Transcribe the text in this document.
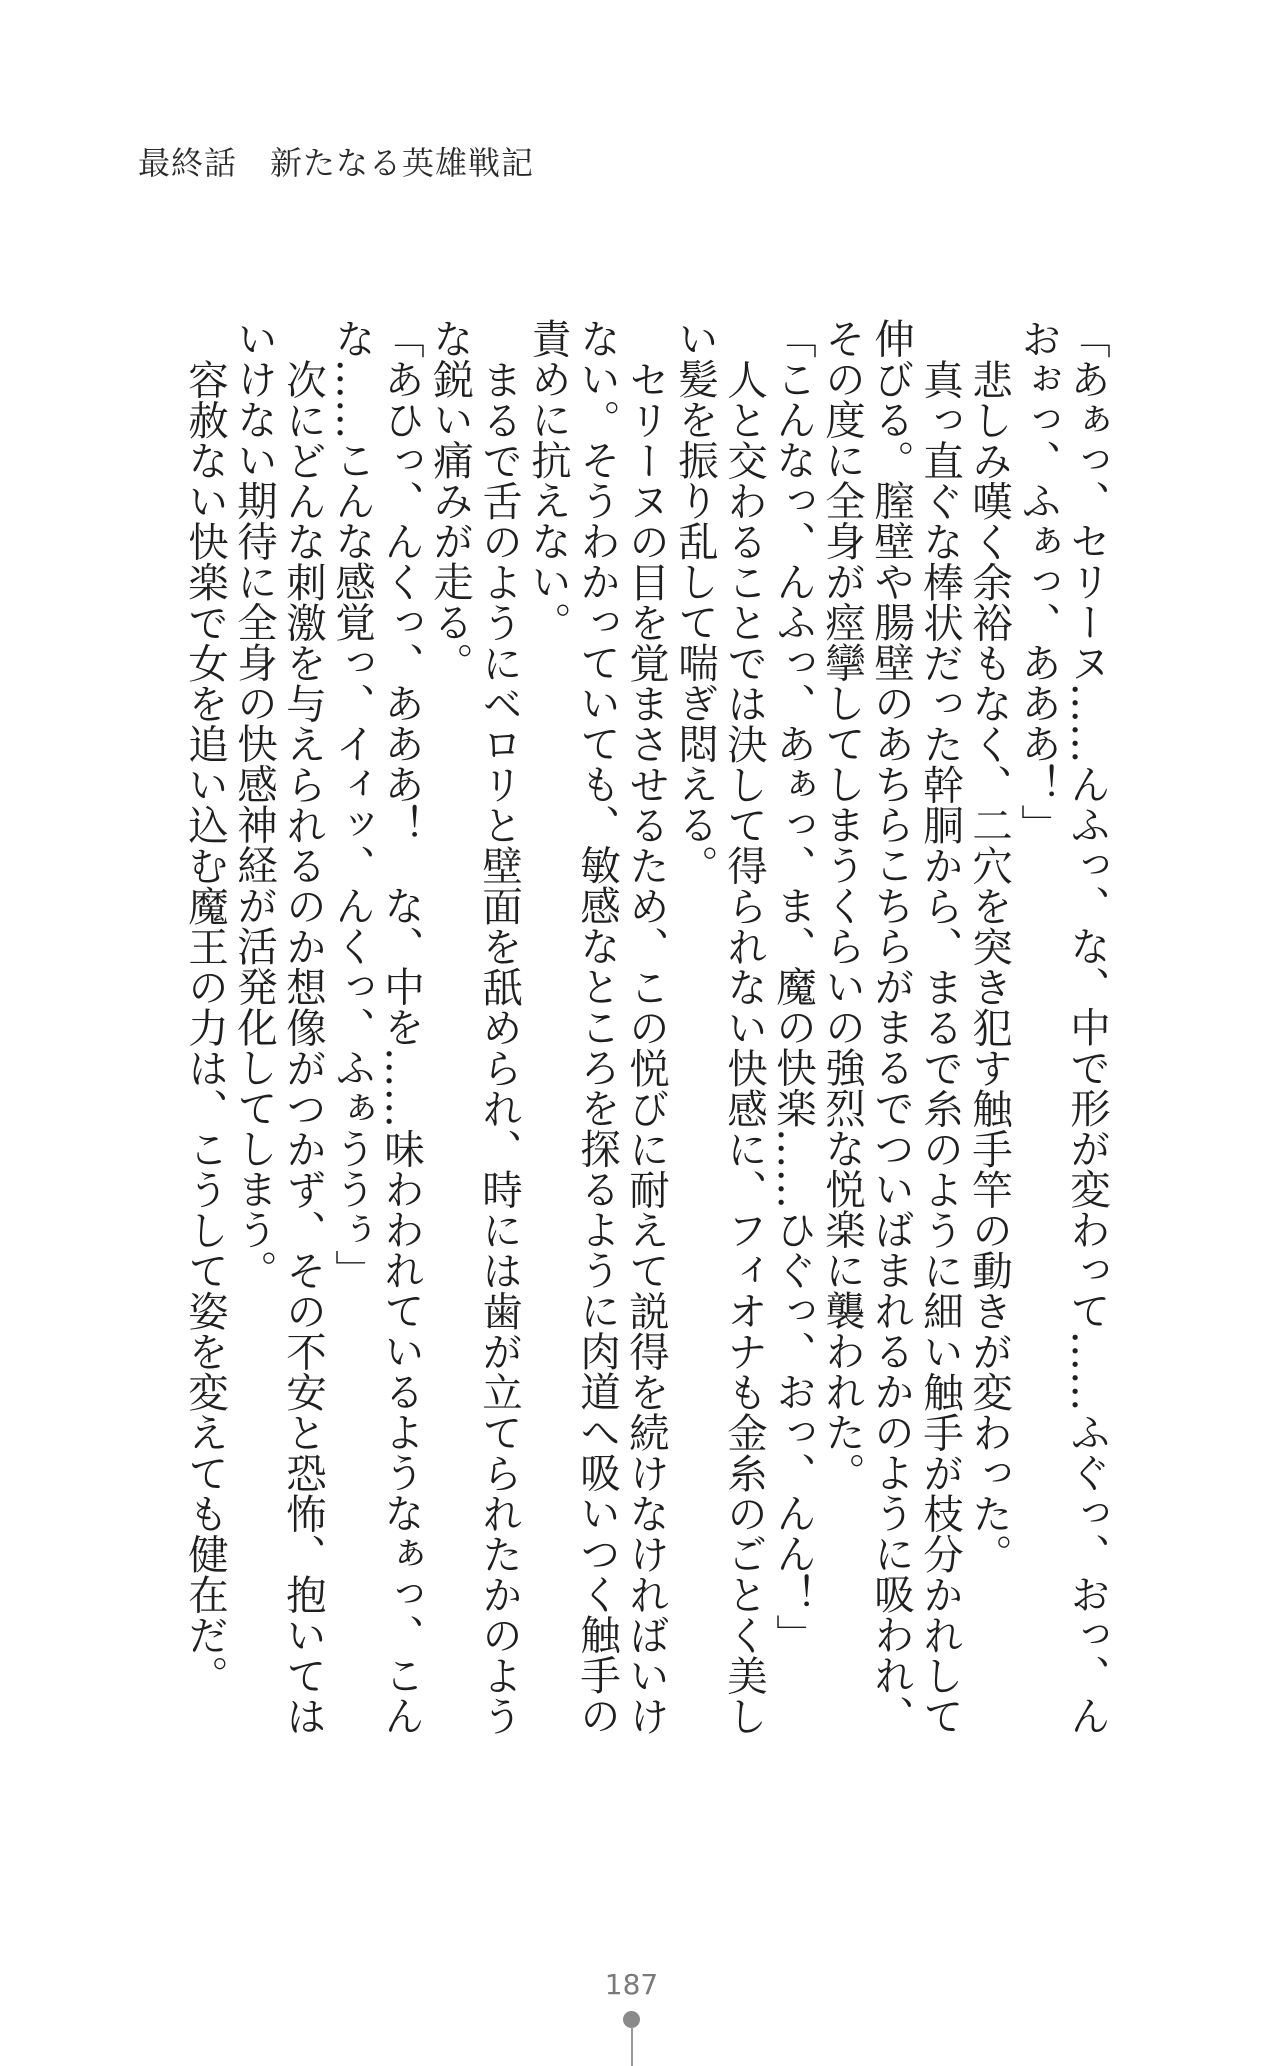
最終話　新たなる英雄戦記

「あぁっ、セリーヌ……んふっ、な、中で形が変わって……ふぐっ、おっ、んおぉっ、ふぁっ、あああ！」

悲しみ嘆く余裕もなく、二穴を突き犯す触手竿の動きが変わった。

真っ直ぐな棒状だった幹胴から、まるで糸のように細い触手が枝分かれして伸びる。膣壁や腸壁のあちらこちらがまるでついばまれるかのように吸われ、その度に全身が痙攣してしまうくらいの強烈な悦楽に襲われた。

「こんなっ、んふっ、あぁっ、ま、魔の快楽……ひぐっ、おっ、んん！」

人と交わることでは決して得られない快感に、フィオナも金糸のごとく美しい髪を振り乱して喘ぎ悶える。

セリーヌの目を覚まさせるため、この悦びに耐えて説得を続けなければいけない。そうわかっていても、敏感なところを探るように肉道へ吸いつく触手の責めに抗えない。

まるで舌のようにベロリと壁面を舐められ、時には歯が立てられたかのような鋭い痛みが走る。

「あひっ、んくっ、あああ！　な、中を……味わわれているようなぁっ、こんな……こんな感覚っ、イィッ、んくっ、ふぁううぅ」

次にどんな刺激を与えられるのか想像がつかず、その不安と恐怖、抱いてはいけない期待に全身の快感神経が活発化してしまう。

容赦ない快楽で女を追い込む魔王の力は、こうして姿を変えても健在だ。

187
